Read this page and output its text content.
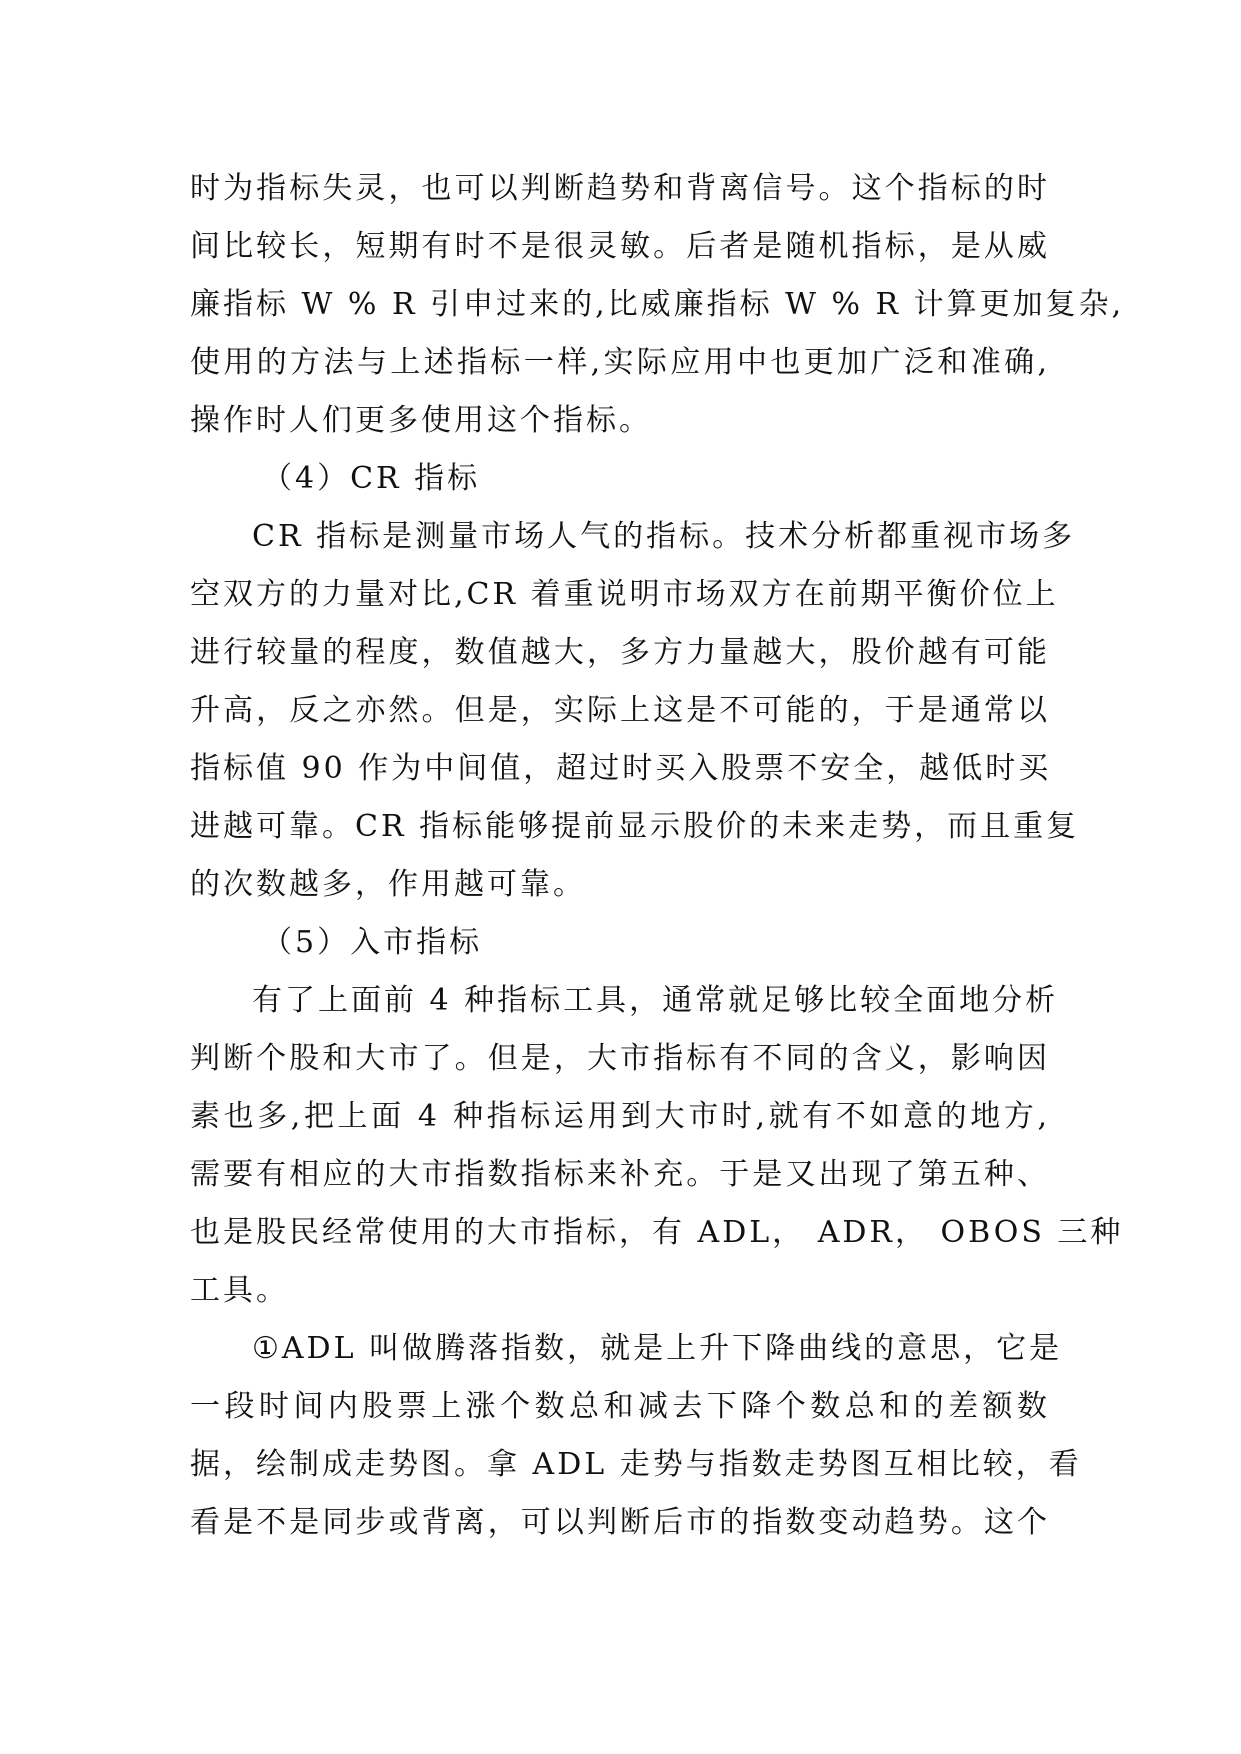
时为指标失灵，也可以判断趋势和背离信号。这个指标的时
间比较长，短期有时不是很灵敏。后者是随机指标，是从威
廉指标 W % R 引申过来的,比威廉指标 W % R 计算更加复杂,
使用的方法与上述指标一样,实际应用中也更加广泛和准确,
操作时人们更多使用这个指标。
（4）CR 指标
CR 指标是测量市场人气的指标。技术分析都重视市场多
空双方的力量对比,CR 着重说明市场双方在前期平衡价位上
进行较量的程度，数值越大，多方力量越大，股价越有可能
升高，反之亦然。但是，实际上这是不可能的，于是通常以
指标值 90 作为中间值，超过时买入股票不安全，越低时买
进越可靠。CR 指标能够提前显示股价的未来走势，而且重复
的次数越多，作用越可靠。
（5）入市指标
有了上面前 4 种指标工具，通常就足够比较全面地分析
判断个股和大市了。但是，大市指标有不同的含义，影响因
素也多,把上面 4 种指标运用到大市时,就有不如意的地方,
需要有相应的大市指数指标来补充。于是又出现了第五种、
也是股民经常使用的大市指标，有 ADL， ADR， OBOS 三种
工具。
①ADL 叫做腾落指数，就是上升下降曲线的意思，它是
一段时间内股票上涨个数总和减去下降个数总和的差额数
据，绘制成走势图。拿 ADL 走势与指数走势图互相比较，看
看是不是同步或背离，可以判断后市的指数变动趋势。这个
